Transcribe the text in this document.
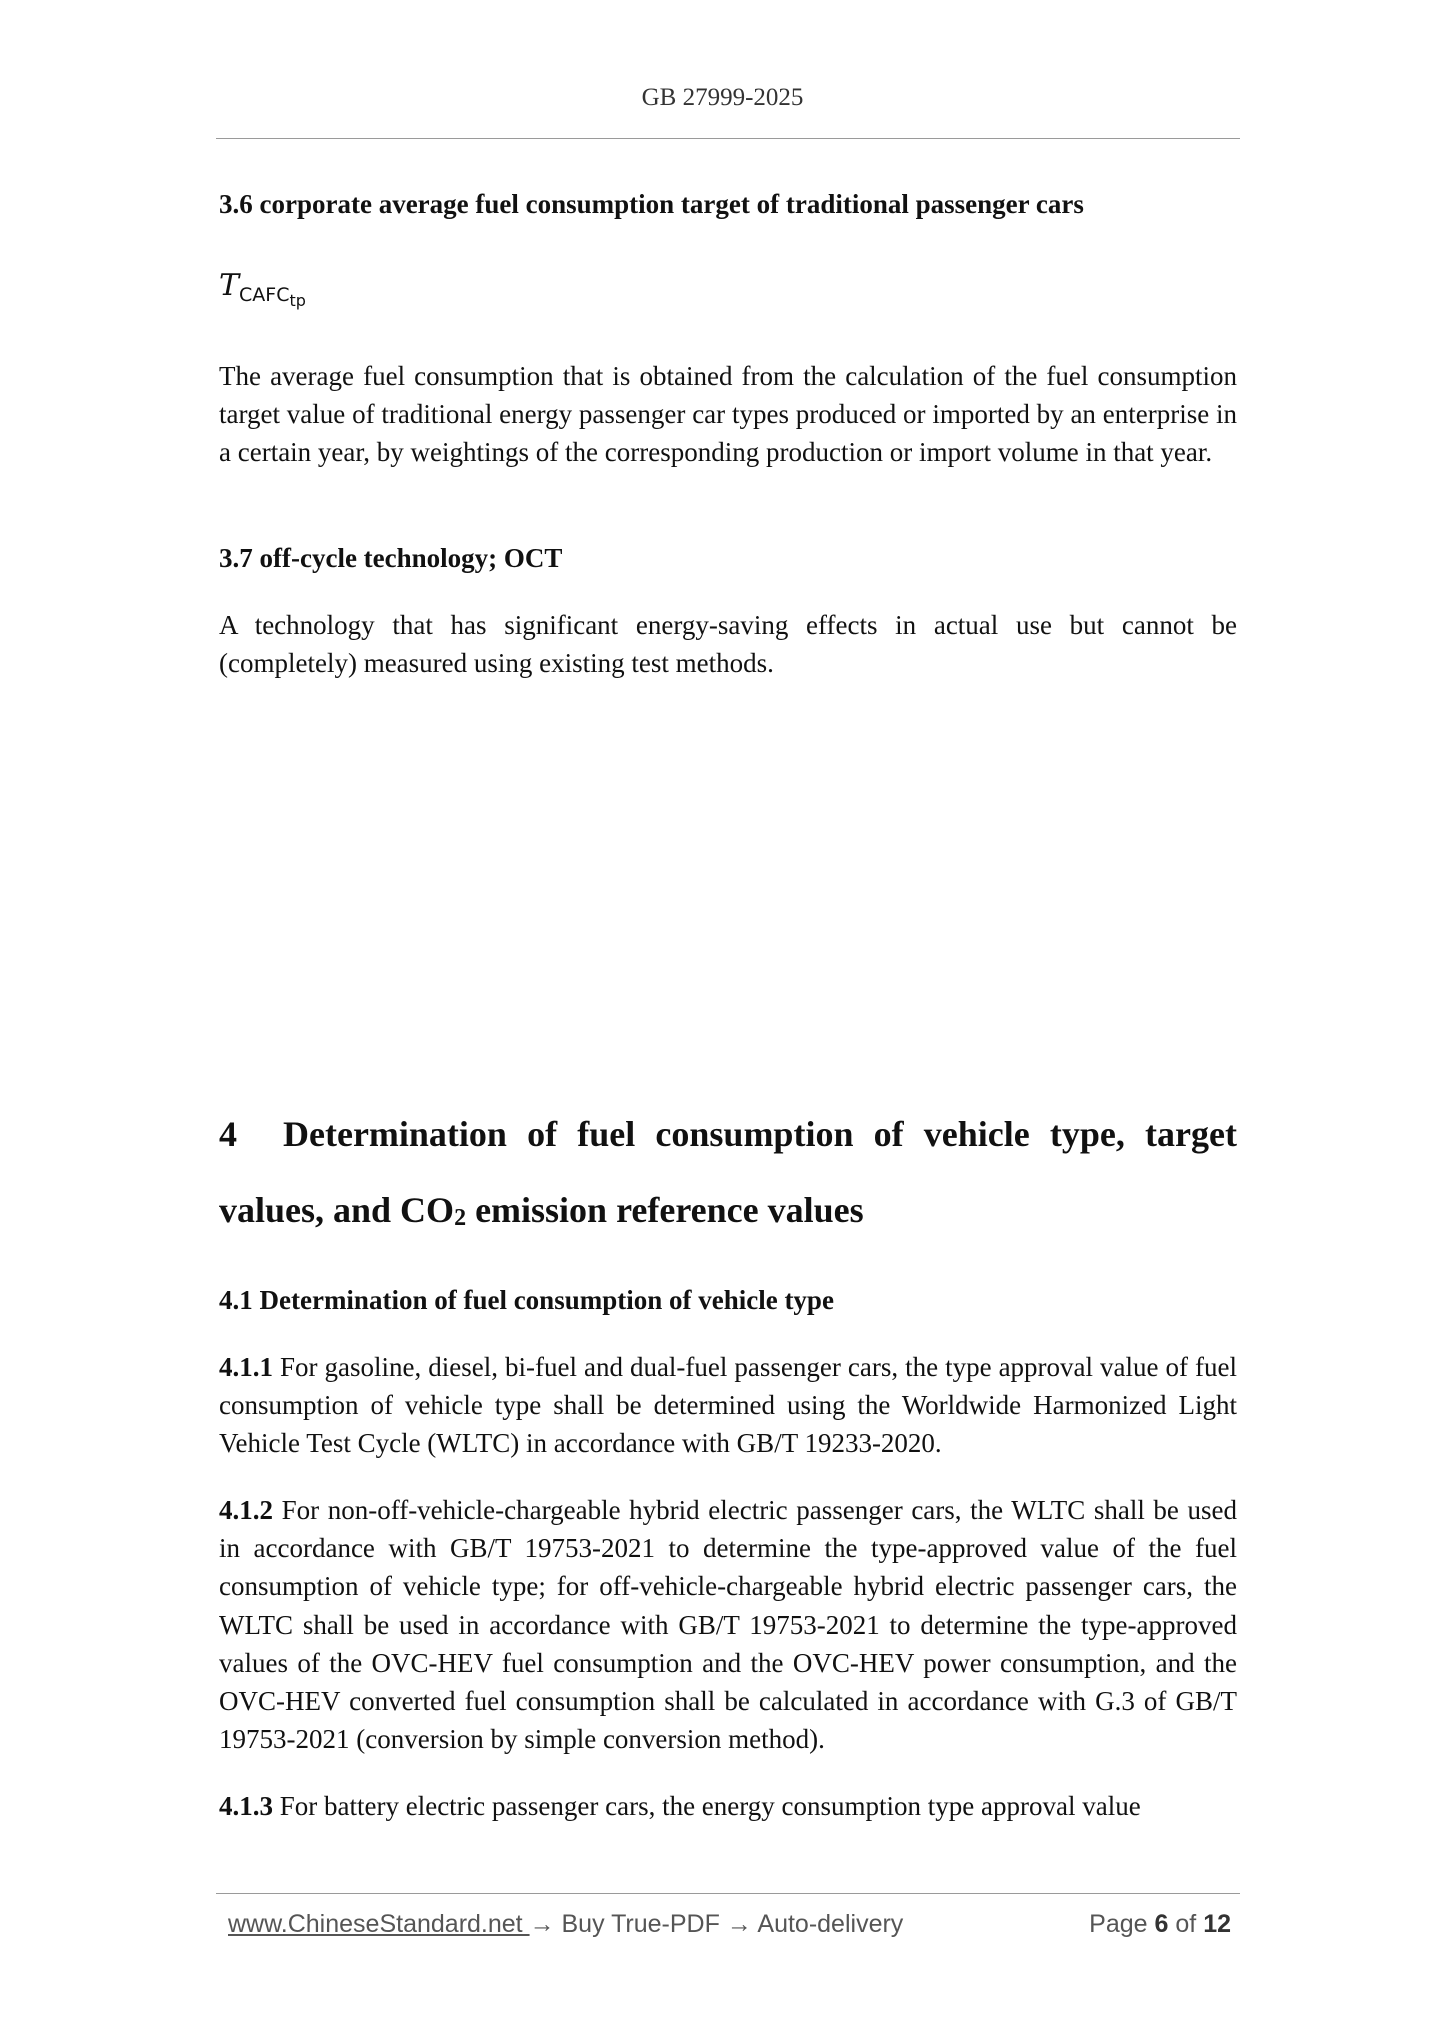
GB 27999-2025
3.6 corporate average fuel consumption target of traditional passenger cars
$T_{CAFCtp}$
The average fuel consumption that is obtained from the calculation of the fuel consumption target value of traditional energy passenger car types produced or imported by an enterprise in a certain year, by weightings of the corresponding production or import volume in that year.
3.7 off-cycle technology; OCT
A technology that has significant energy-saving effects in actual use but cannot be (completely) measured using existing test methods.
4 Determination of fuel consumption of vehicle type, target values, and $CO_2$ emission reference values
4.1 Determination of fuel consumption of vehicle type
4.1.1 For gasoline, diesel, bi-fuel and dual-fuel passenger cars, the type approval value of fuel consumption of vehicle type shall be determined using the Worldwide Harmonized Light Vehicle Test Cycle (WLTC) in accordance with GB/T 19233-2020.
4.1.2 For non-off-vehicle-chargeable hybrid electric passenger cars, the WLTC shall be used in accordance with GB/T 19753-2021 to determine the type-approved value of the fuel consumption of vehicle type; for off-vehicle-chargeable hybrid electric passenger cars, the WLTC shall be used in accordance with GB/T 19753-2021 to determine the type-approved values of the OVC-HEV fuel consumption and the OVC-HEV power consumption, and the OVC-HEV converted fuel consumption shall be calculated in accordance with G.3 of GB/T 19753-2021 (conversion by simple conversion method).
4.1.3 For battery electric passenger cars, the energy consumption type approval value
www.ChineseStandard.net → Buy True-PDF → Auto-delivery	Page 6 of 12
